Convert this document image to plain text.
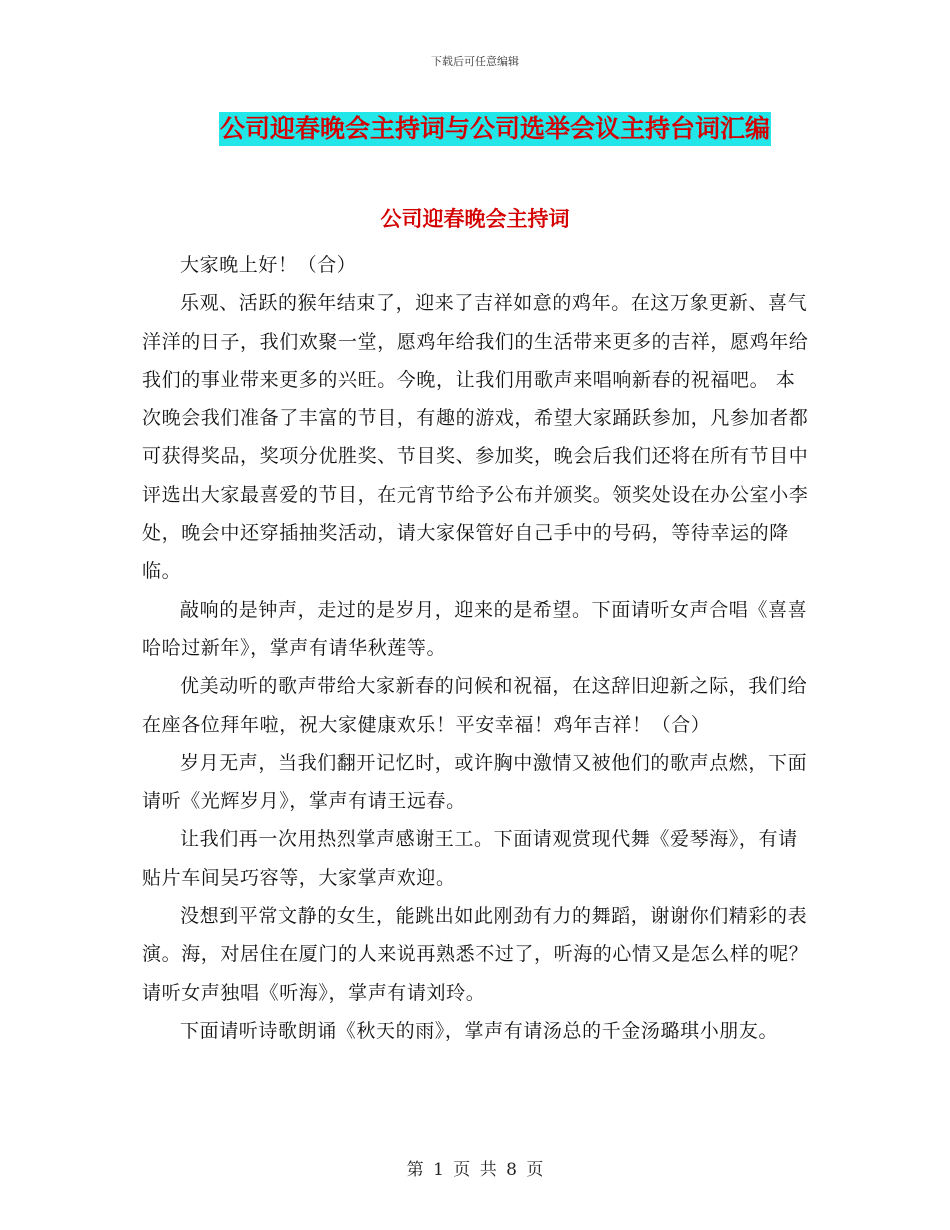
下载后可任意编辑
公司迎春晚会主持词与公司选举会议主持台词汇编
公司迎春晚会主持词

大家晚上好！（合）

乐观、活跃的猴年结束了，迎来了吉祥如意的鸡年。在这万象更新、喜气洋洋的日子，我们欢聚一堂，愿鸡年给我们的生活带来更多的吉祥，愿鸡年给我们的事业带来更多的兴旺。今晚，让我们用歌声来唱响新春的祝福吧。 本次晚会我们准备了丰富的节目，有趣的游戏，希望大家踊跃参加，凡参加者都可获得奖品，奖项分优胜奖、节目奖、参加奖，晚会后我们还将在所有节目中评选出大家最喜爱的节目，在元宵节给予公布并颁奖。领奖处设在办公室小李处，晚会中还穿插抽奖活动，请大家保管好自己手中的号码，等待幸运的降临。

敲响的是钟声，走过的是岁月，迎来的是希望。下面请听女声合唱《喜喜哈哈过新年》，掌声有请华秋莲等。

优美动听的歌声带给大家新春的问候和祝福，在这辞旧迎新之际，我们给在座各位拜年啦，祝大家健康欢乐！平安幸福！鸡年吉祥！（合）

岁月无声，当我们翻开记忆时，或许胸中激情又被他们的歌声点燃，下面请听《光辉岁月》，掌声有请王远春。

让我们再一次用热烈掌声感谢王工。下面请观赏现代舞《爱琴海》，有请贴片车间吴巧容等，大家掌声欢迎。

没想到平常文静的女生，能跳出如此刚劲有力的舞蹈，谢谢你们精彩的表演。海，对居住在厦门的人来说再熟悉不过了，听海的心情又是怎么样的呢？请听女声独唱《听海》，掌声有请刘玲。

下面请听诗歌朗诵《秋天的雨》，掌声有请汤总的千金汤璐琪小朋友。

第 1 页 共 8 页
